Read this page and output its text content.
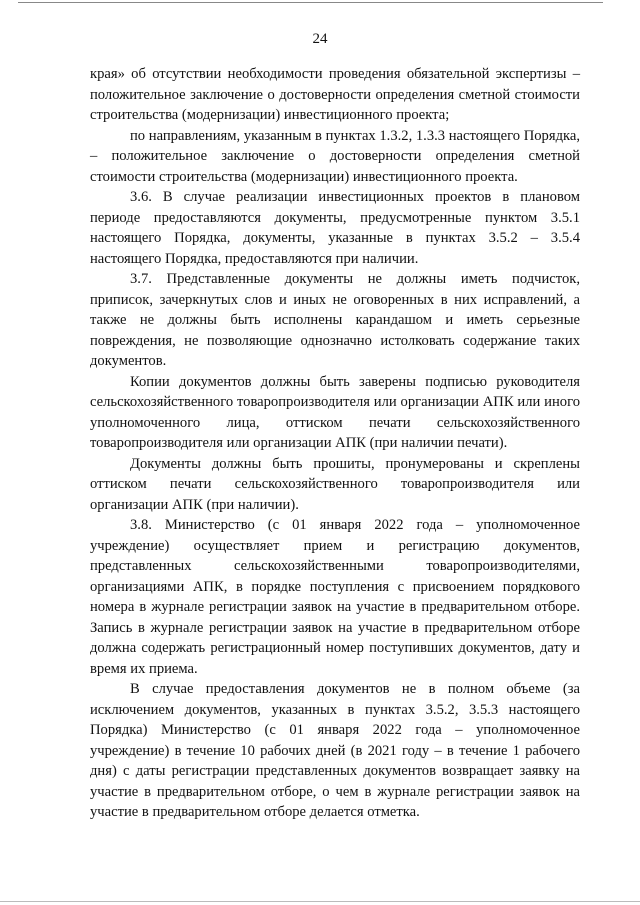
24

края» об отсутствии необходимости проведения обязательной экспертизы – положительное заключение о достоверности определения сметной стоимости строительства (модернизации) инвестиционного проекта;

по направлениям, указанным в пунктах 1.3.2, 1.3.3 настоящего Порядка, – положительное заключение о достоверности определения сметной стоимости строительства (модернизации) инвестиционного проекта.

3.6. В случае реализации инвестиционных проектов в плановом периоде предоставляются документы, предусмотренные пунктом 3.5.1 настоящего Порядка, документы, указанные в пунктах 3.5.2 – 3.5.4 настоящего Порядка, предоставляются при наличии.

3.7. Представленные документы не должны иметь подчисток, приписок, зачеркнутых слов и иных не оговоренных в них исправлений, а также не должны быть исполнены карандашом и иметь серьезные повреждения, не позволяющие однозначно истолковать содержание таких документов.

Копии документов должны быть заверены подписью руководителя сельскохозяйственного товаропроизводителя или организации АПК или иного уполномоченного лица, оттиском печати сельскохозяйственного товаропроизводителя или организации АПК (при наличии печати).

Документы должны быть прошиты, пронумерованы и скреплены оттиском печати сельскохозяйственного товаропроизводителя или организации АПК (при наличии).

3.8. Министерство (с 01 января 2022 года – уполномоченное учреждение) осуществляет прием и регистрацию документов, представленных сельскохозяйственными товаропроизводителями, организациями АПК, в порядке поступления с присвоением порядкового номера в журнале регистрации заявок на участие в предварительном отборе. Запись в журнале регистрации заявок на участие в предварительном отборе должна содержать регистрационный номер поступивших документов, дату и время их приема.

В случае предоставления документов не в полном объеме (за исключением документов, указанных в пунктах 3.5.2, 3.5.3 настоящего Порядка) Министерство (с 01 января 2022 года – уполномоченное учреждение) в течение 10 рабочих дней (в 2021 году – в течение 1 рабочего дня) с даты регистрации представленных документов возвращает заявку на участие в предварительном отборе, о чем в журнале регистрации заявок на участие в предварительном отборе делается отметка.
